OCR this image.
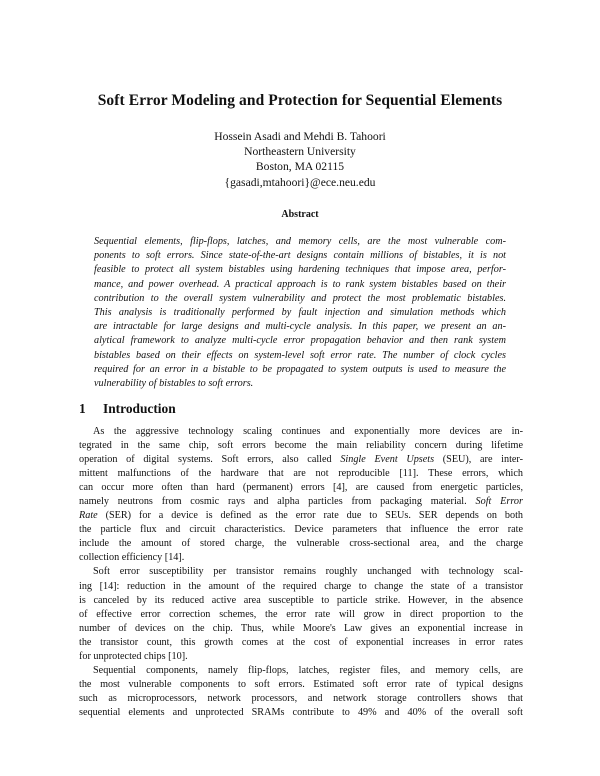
Soft Error Modeling and Protection for Sequential Elements
Hossein Asadi and Mehdi B. Tahoori
Northeastern University
Boston, MA 02115
{gasadi,mtahoori}@ece.neu.edu
Abstract
Sequential elements, flip-flops, latches, and memory cells, are the most vulnerable com-
ponents to soft errors. Since state-of-the-art designs contain millions of bistables, it is not
feasible to protect all system bistables using hardening techniques that impose area, perfor-
mance, and power overhead. A practical approach is to rank system bistables based on their
contribution to the overall system vulnerability and protect the most problematic bistables.
This analysis is traditionally performed by fault injection and simulation methods which
are intractable for large designs and multi-cycle analysis. In this paper, we present an an-
alytical framework to analyze multi-cycle error propagation behavior and then rank system
bistables based on their effects on system-level soft error rate. The number of clock cycles
required for an error in a bistable to be propagated to system outputs is used to measure the
vulnerability of bistables to soft errors.
1 Introduction
As the aggressive technology scaling continues and exponentially more devices are in-
tegrated in the same chip, soft errors become the main reliability concern during lifetime
operation of digital systems. Soft errors, also called Single Event Upsets (SEU), are inter-
mittent malfunctions of the hardware that are not reproducible [11]. These errors, which
can occur more often than hard (permanent) errors [4], are caused from energetic particles,
namely neutrons from cosmic rays and alpha particles from packaging material. Soft Error
Rate (SER) for a device is defined as the error rate due to SEUs. SER depends on both
the particle flux and circuit characteristics. Device parameters that influence the error rate
include the amount of stored charge, the vulnerable cross-sectional area, and the charge
collection efficiency [14].
Soft error susceptibility per transistor remains roughly unchanged with technology scal-
ing [14]: reduction in the amount of the required charge to change the state of a transistor
is canceled by its reduced active area susceptible to particle strike. However, in the absence
of effective error correction schemes, the error rate will grow in direct proportion to the
number of devices on the chip. Thus, while Moore's Law gives an exponential increase in
the transistor count, this growth comes at the cost of exponential increases in error rates
for unprotected chips [10].
Sequential components, namely flip-flops, latches, register files, and memory cells, are
the most vulnerable components to soft errors. Estimated soft error rate of typical designs
such as microprocessors, network processors, and network storage controllers shows that
sequential elements and unprotected SRAMs contribute to 49% and 40% of the overall soft
